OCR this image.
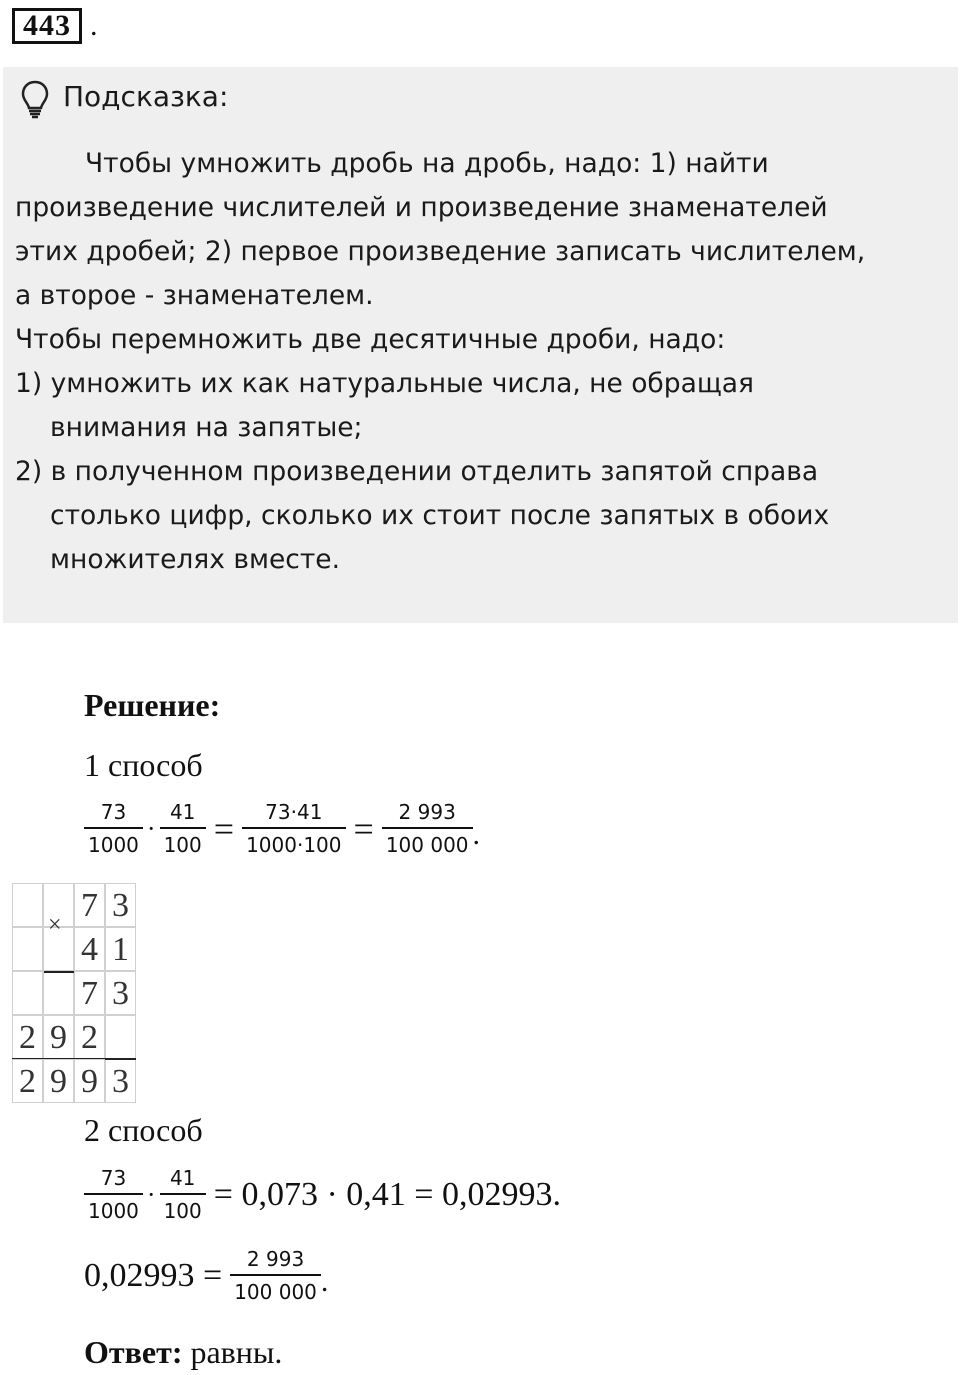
443 .
Подсказка:
Чтобы умножить дробь на дробь, надо: 1) найти
произведение числителей и произведение знаменателей
этих дробей; 2) первое произведение записать числителем,
а второе - знаменателем.
Чтобы перемножить две десятичные дроби, надо:
1) умножить их как натуральные числа, не обращая
внимания на запятые;
2) в полученном произведении отделить запятой справа
столько цифр, сколько их стоит после запятых в обоих
множителях вместе.
Решение:
1 способ
$\frac{73}{1000} \cdot \frac{41}{100} = \frac{73\cdot 41}{1000\cdot 100} = \frac{2 993}{100 000}$ .
7 3
4 1
7 3
2 9 2
2 9 9 3
×
2 способ
$\frac{73}{1000} \cdot \frac{41}{100} = 0,073 \cdot 0,41 = 0,02993$.
$0,02993 = \frac{2 993}{100 000}$ .
Ответ: равны.
